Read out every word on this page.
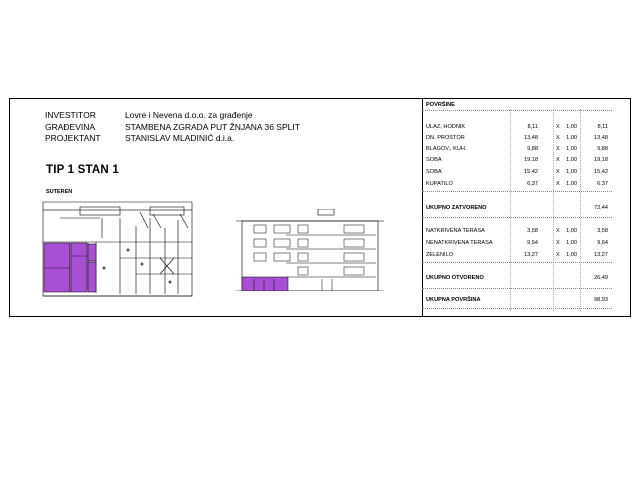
INVESTITOR	Lovre i Nevena d.o.o. za građenje
GRAĐEVINA	STAMBENA ZGRADA PUT ŽNJANA 36 SPLIT
PROJEKTANT	STANISLAV MLADINIĆ d.i.a.
TIP 1 STAN 1
SUTEREN
POVRŠINE
ULAZ, HODNIK	8,11	X	1,00	8,11
DN. PROSTOR	13,48	X	1,00	13,48
BLAGOV., KUH.	9,88	X	1,00	9,88
SOBA	19,18	X	1,00	19,18
SOBA	15,42	X	1,00	15,42
KUPATILO	6,37	X	1,00	6,37
UKUPNO ZATVORENO	72,44
NATKRIVENA TERASA	3,58	X	1,00	3,58
NENATKRIVENA TERASA	9,64	X	1,00	9,64
ZELENILO	13,27	X	1,00	13,27
UKUPNO OTVORENO	26,49
UKUPNA POVRŠINA	98,93
